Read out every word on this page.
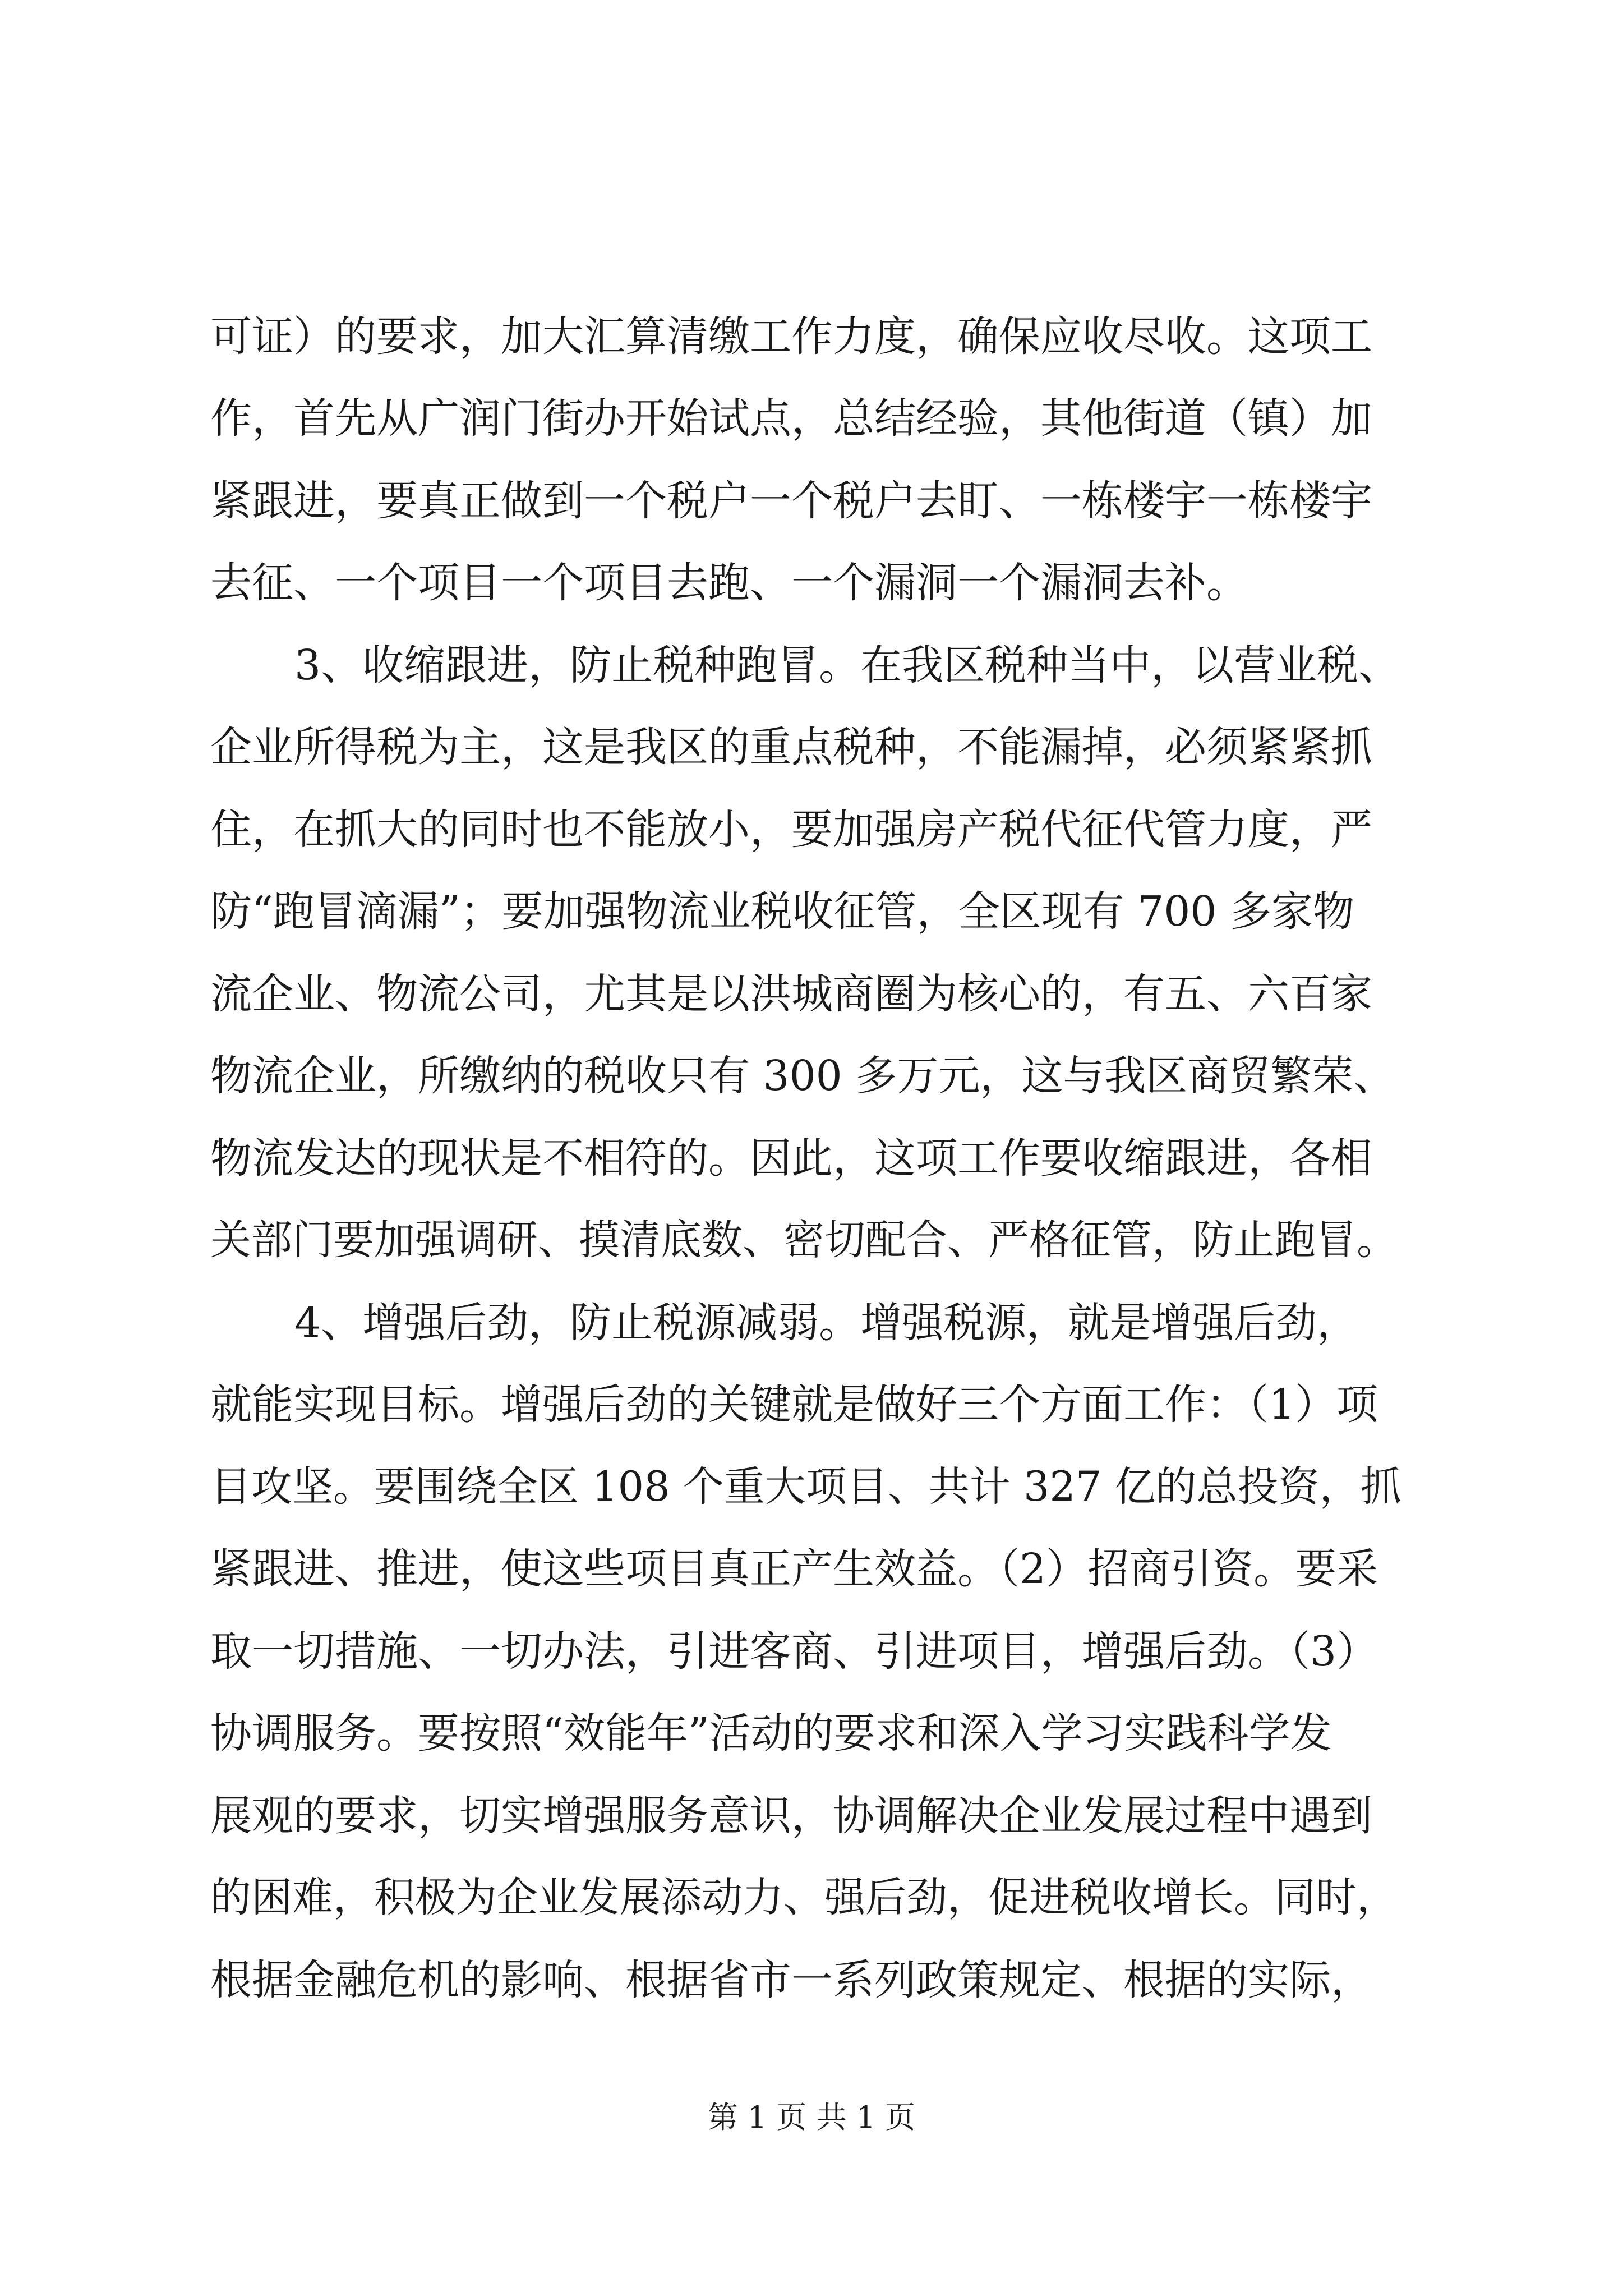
可证）的要求，加大汇算清缴工作力度，确保应收尽收。这项工

作，首先从广润门街办开始试点，总结经验，其他街道（镇）加

紧跟进，要真正做到一个税户一个税户去盯、一栋楼宇一栋楼宇

去征、一个项目一个项目去跑、一个漏洞一个漏洞去补。

3、收缩跟进，防止税种跑冒。在我区税种当中，以营业税、

企业所得税为主，这是我区的重点税种，不能漏掉，必须紧紧抓

住，在抓大的同时也不能放小，要加强房产税代征代管力度，严

防“跑冒滴漏”；要加强物流业税收征管，全区现有 700 多家物

流企业、物流公司，尤其是以洪城商圈为核心的，有五、六百家

物流企业，所缴纳的税收只有 300 多万元，这与我区商贸繁荣、

物流发达的现状是不相符的。因此，这项工作要收缩跟进，各相

关部门要加强调研、摸清底数、密切配合、严格征管，防止跑冒。

4、增强后劲，防止税源减弱。增强税源，就是增强后劲，

就能实现目标。增强后劲的关键就是做好三个方面工作：（1）项

目攻坚。要围绕全区 108 个重大项目、共计 327 亿的总投资，抓

紧跟进、推进，使这些项目真正产生效益。（2）招商引资。要采

取一切措施、一切办法，引进客商、引进项目，增强后劲。（3）

协调服务。要按照“效能年”活动的要求和深入学习实践科学发

展观的要求，切实增强服务意识，协调解决企业发展过程中遇到

的困难，积极为企业发展添动力、强后劲，促进税收增长。同时，

根据金融危机的影响、根据省市一系列政策规定、根据的实际，

第 1 页 共 1 页
